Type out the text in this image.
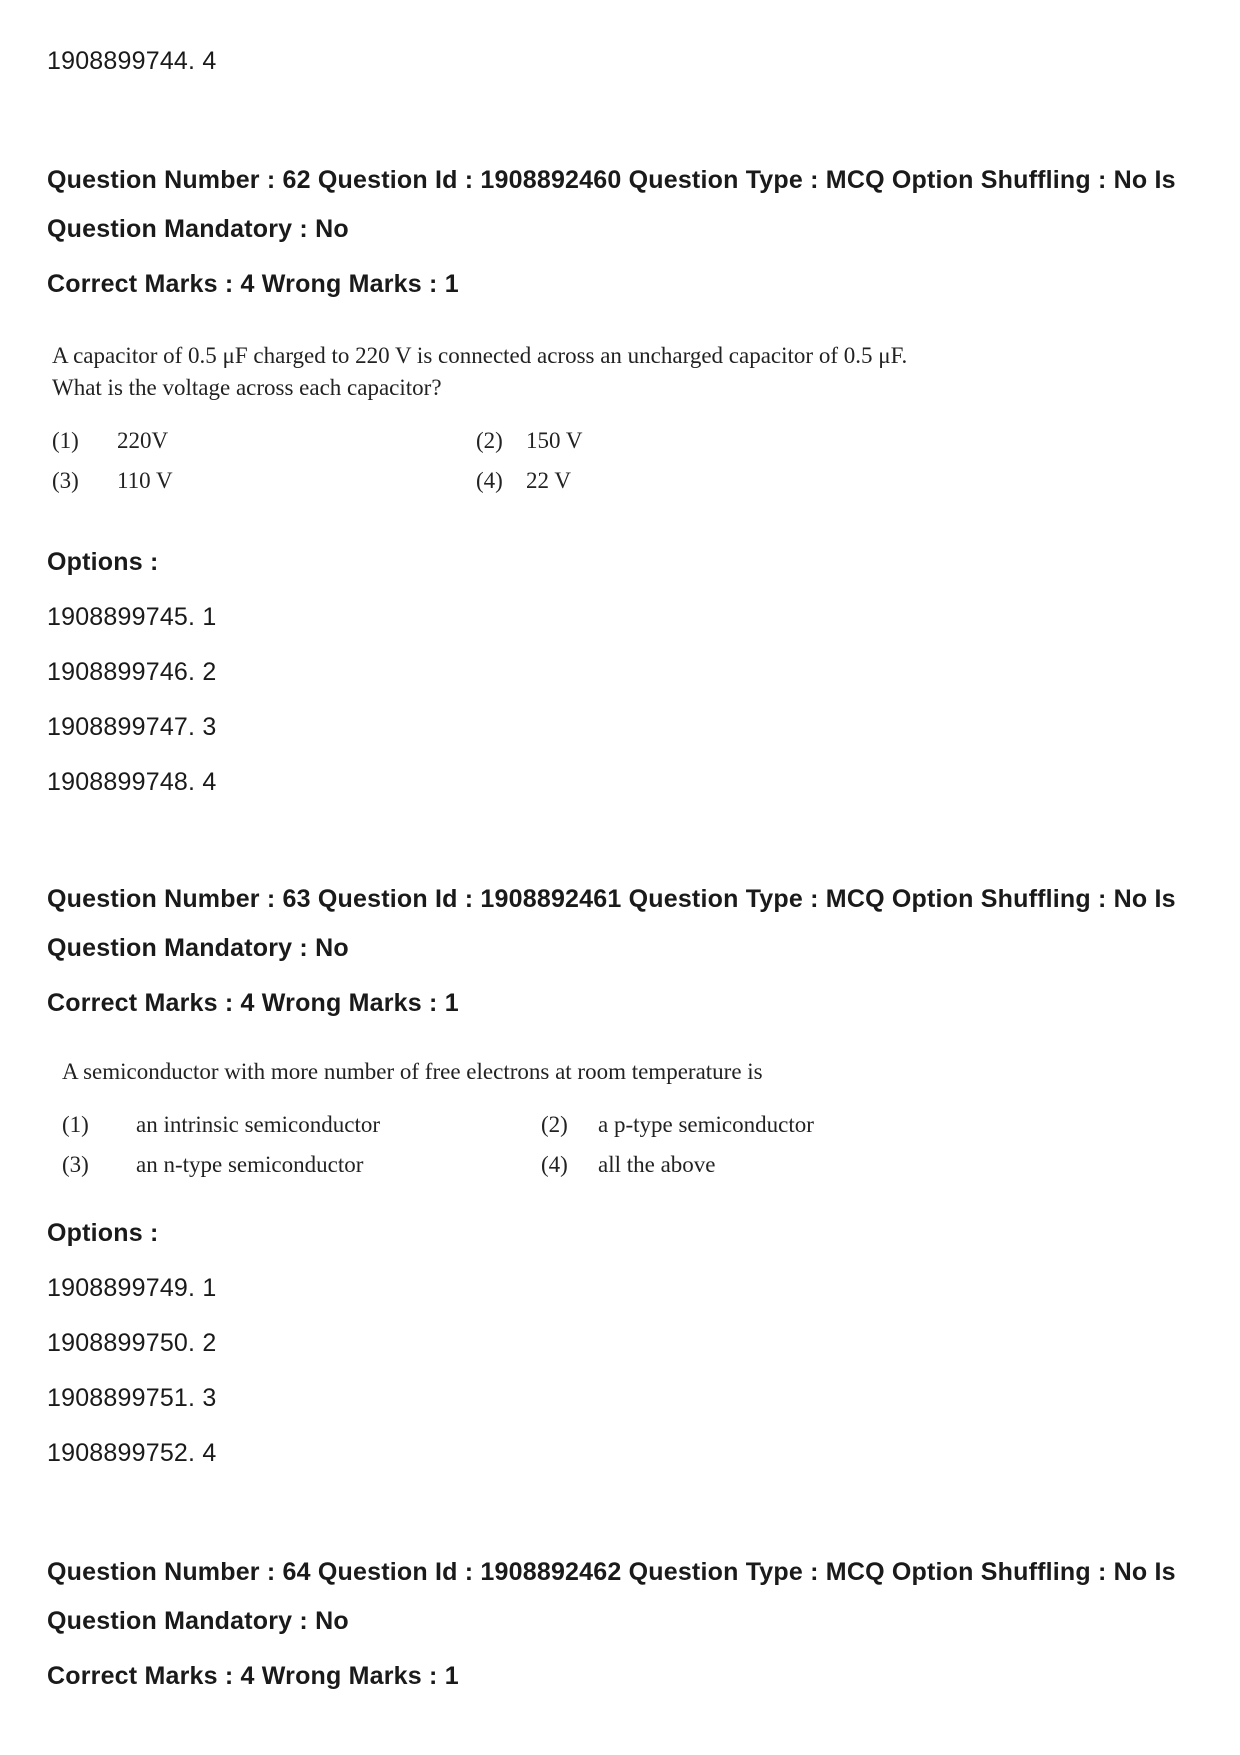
1908899744. 4
Question Number : 62 Question Id : 1908892460 Question Type : MCQ Option Shuffling : No Is
Question Mandatory : No
Correct Marks : 4 Wrong Marks : 1
A capacitor of 0.5 μF charged to 220 V is connected across an uncharged capacitor of 0.5 μF.
What is the voltage across each capacitor?
(1) 220V	(2) 150 V
(3) 110 V	(4) 22 V
Options :
1908899745. 1
1908899746. 2
1908899747. 3
1908899748. 4
Question Number : 63 Question Id : 1908892461 Question Type : MCQ Option Shuffling : No Is
Question Mandatory : No
Correct Marks : 4 Wrong Marks : 1
A semiconductor with more number of free electrons at room temperature is
(1) an intrinsic semiconductor	(2) a p-type semiconductor
(3) an n-type semiconductor	(4) all the above
Options :
1908899749. 1
1908899750. 2
1908899751. 3
1908899752. 4
Question Number : 64 Question Id : 1908892462 Question Type : MCQ Option Shuffling : No Is
Question Mandatory : No
Correct Marks : 4 Wrong Marks : 1
